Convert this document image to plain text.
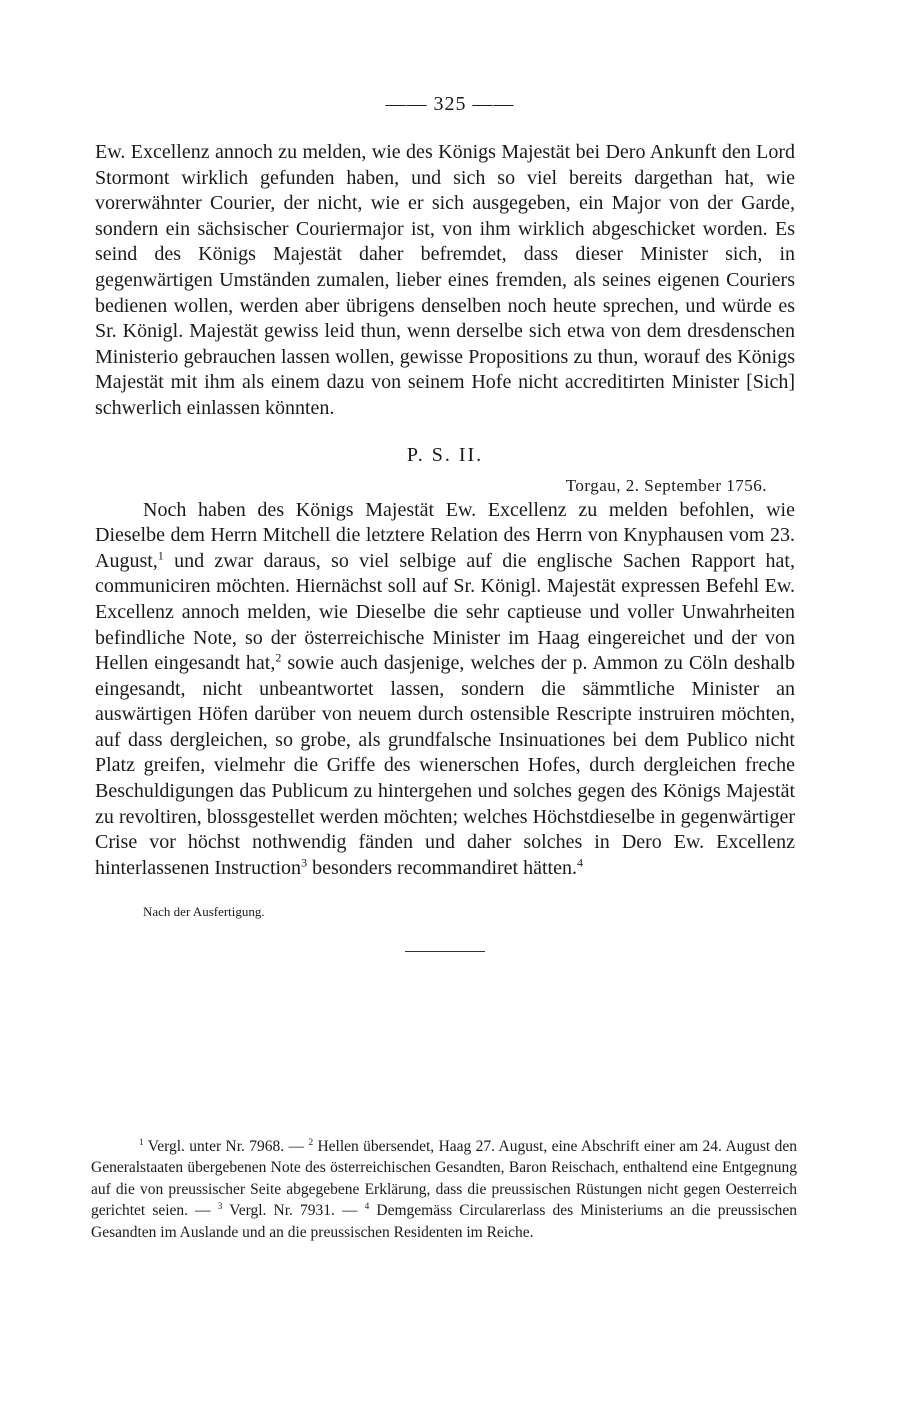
—— 325 ——

Ew. Excellenz annoch zu melden, wie des Königs Majestät bei Dero Ankunft den Lord Stormont wirklich gefunden haben, und sich so viel bereits dargethan hat, wie vorerwähnter Courier, der nicht, wie er sich ausgegeben, ein Major von der Garde, sondern ein sächsischer Couriermajor ist, von ihm wirklich abgeschicket worden. Es seind des Königs Majestät daher befremdet, dass dieser Minister sich, in gegenwärtigen Umständen zumalen, lieber eines fremden, als seines eigenen Couriers bedienen wollen, werden aber übrigens denselben noch heute sprechen, und würde es Sr. Königl. Majestät gewiss leid thun, wenn derselbe sich etwa von dem dresdenschen Ministerio gebrauchen lassen wollen, gewisse Propositions zu thun, worauf des Königs Majestät mit ihm als einem dazu von seinem Hofe nicht accreditirten Minister [Sich] schwerlich einlassen könnten.

P. S. II.

Torgau, 2. September 1756.

Noch haben des Königs Majestät Ew. Excellenz zu melden befohlen, wie Dieselbe dem Herrn Mitchell die letztere Relation des Herrn von Knyphausen vom 23. August,$^1$ und zwar daraus, so viel selbige auf die englische Sachen Rapport hat, communiciren möchten. Hiernächst soll auf Sr. Königl. Majestät expressen Befehl Ew. Excellenz annoch melden, wie Dieselbe die sehr captieuse und voller Unwahrheiten befindliche Note, so der österreichische Minister im Haag eingereichet und der von Hellen eingesandt hat,$^2$ sowie auch dasjenige, welches der p. Ammon zu Cöln deshalb eingesandt, nicht unbeantwortet lassen, sondern die sämmtliche Minister an auswärtigen Höfen darüber von neuem durch ostensible Rescripte instruiren möchten, auf dass dergleichen, so grobe, als grundfalsche Insinuationes bei dem Publico nicht Platz greifen, vielmehr die Griffe des wienerschen Hofes, durch dergleichen freche Beschuldigungen das Publicum zu hintergehen und solches gegen des Königs Majestät zu revoltiren, blossgestellet werden möchten; welches Höchstdieselbe in gegenwärtiger Crise vor höchst nothwendig fänden und daher solches in Dero Ew. Excellenz hinterlassenen Instruction$^3$ besonders recommandiret hätten.$^4$

Nach der Ausfertigung.

$^1$ Vergl. unter Nr. 7968. — $^2$ Hellen übersendet, Haag 27. August, eine Abschrift einer am 24. August den Generalstaaten übergebenen Note des österreichischen Gesandten, Baron Reischach, enthaltend eine Entgegnung auf die von preussischer Seite abgegebene Erklärung, dass die preussischen Rüstungen nicht gegen Oesterreich gerichtet seien. — $^3$ Vergl. Nr. 7931. — $^4$ Demgemäss Circularerlass des Ministeriums an die preussischen Gesandten im Auslande und an die preussischen Residenten im Reiche.
